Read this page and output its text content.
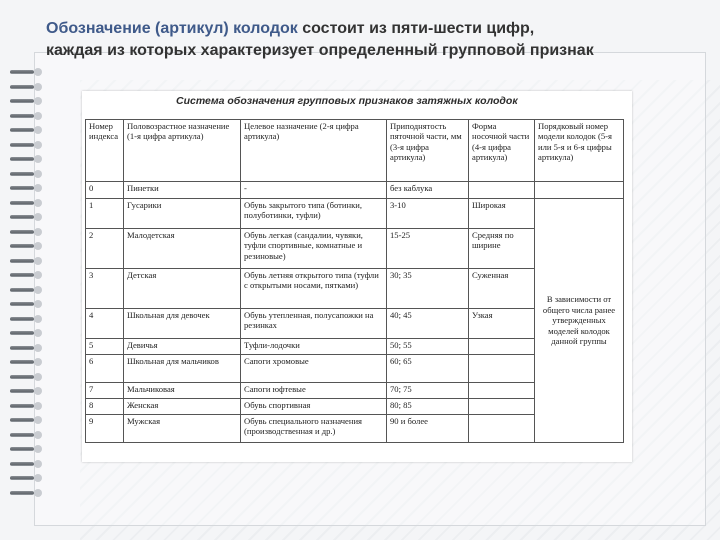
Обозначение (артикул) колодок состоит из пяти-шести цифр,
каждая из которых характеризует определенный групповой признак
Система обозначения групповых признаков затяжных колодок
Номер индекса	Половозрастное назначение (1-я цифра артикула)	Целевое назначение (2-я цифра артикула)	Приподнятость пяточной части, мм (3-я цифра артикула)	Форма носочной части (4-я цифра артикула)	Порядковый номер модели колодок (5-я или 5-я и 6-я цифры артикула)
0	Пинетки	-	без каблука		
1	Гусарики	Обувь закрытого типа (ботинки, полуботинки, туфли)	3-10	Широкая	В зависимости от общего числа ранее утвержденных моделей колодок данной группы
2	Малодетская	Обувь легкая (сандалии, чувяки, туфли спортивные, комнатные и резиновые)	15-25	Средняя по ширине	
3	Детская	Обувь летняя открытого типа (туфли с открытыми носами, пятками)	30; 35	Суженная	
4	Школьная для девочек	Обувь утепленная, полусапожки на резинках	40; 45	Узкая	
5	Девичья	Туфли-лодочки	50; 55		
6	Школьная для мальчиков	Сапоги хромовые	60; 65		
7	Мальчиковая	Сапоги юфтевые	70; 75		
8	Женская	Обувь спортивная	80; 85		
9	Мужская	Обувь специального назначения (производственная и др.)	90 и более		
